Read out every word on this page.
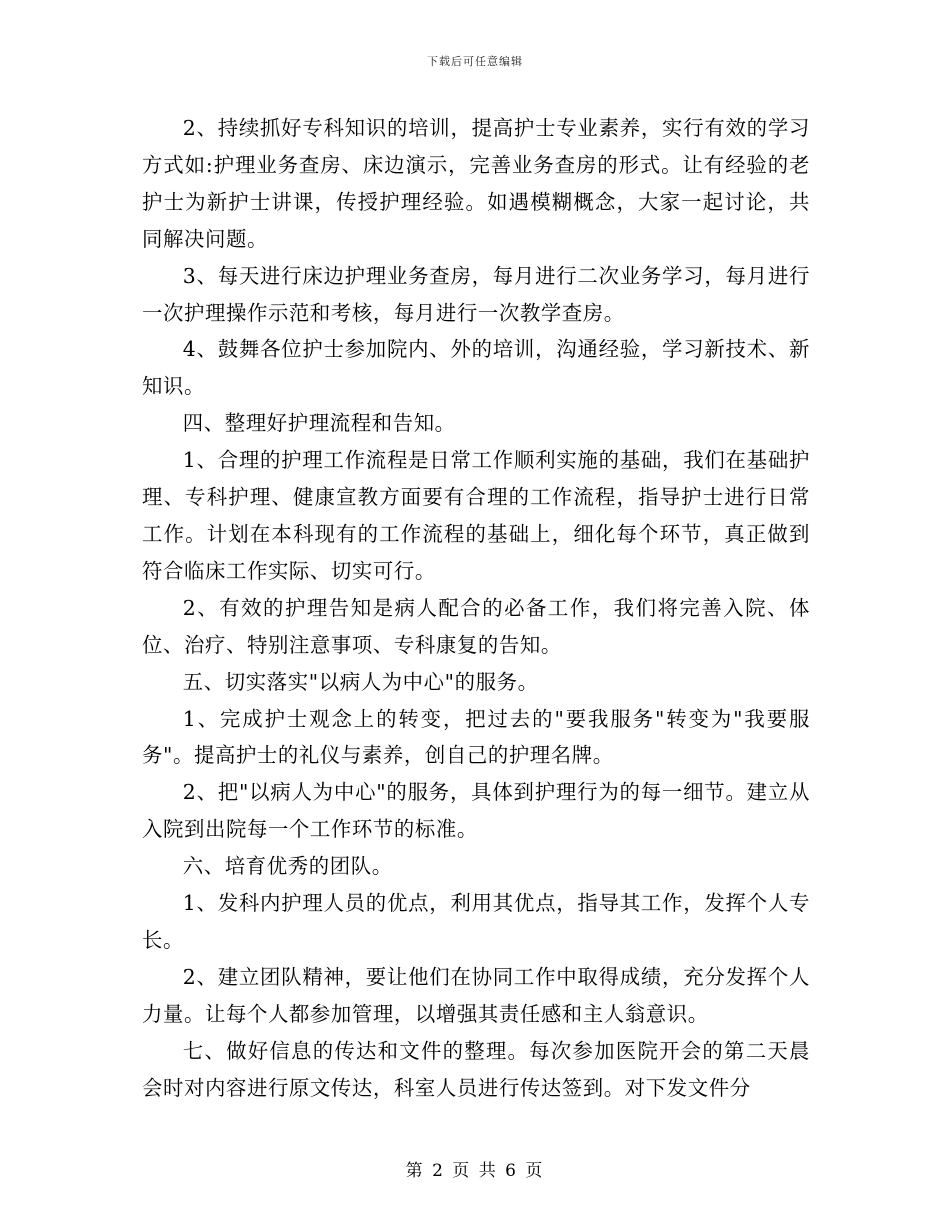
下载后可任意编辑

2、持续抓好专科知识的培训，提高护士专业素养，实行有效的学习方式如:护理业务查房、床边演示，完善业务查房的形式。让有经验的老护士为新护士讲课，传授护理经验。如遇模糊概念，大家一起讨论，共同解决问题。

3、每天进行床边护理业务查房，每月进行二次业务学习，每月进行一次护理操作示范和考核，每月进行一次教学查房。

4、鼓舞各位护士参加院内、外的培训，沟通经验，学习新技术、新知识。

四、整理好护理流程和告知。

1、合理的护理工作流程是日常工作顺利实施的基础，我们在基础护理、专科护理、健康宣教方面要有合理的工作流程，指导护士进行日常工作。计划在本科现有的工作流程的基础上，细化每个环节，真正做到符合临床工作实际、切实可行。

2、有效的护理告知是病人配合的必备工作，我们将完善入院、体位、治疗、特别注意事项、专科康复的告知。

五、切实落实"以病人为中心"的服务。

1、完成护士观念上的转变，把过去的"要我服务"转变为"我要服务"。提高护士的礼仪与素养，创自己的护理名牌。

2、把"以病人为中心"的服务，具体到护理行为的每一细节。建立从入院到出院每一个工作环节的标准。

六、培育优秀的团队。

1、发科内护理人员的优点，利用其优点，指导其工作，发挥个人专长。

2、建立团队精神，要让他们在协同工作中取得成绩，充分发挥个人力量。让每个人都参加管理，以增强其责任感和主人翁意识。

七、做好信息的传达和文件的整理。每次参加医院开会的第二天晨会时对内容进行原文传达，科室人员进行传达签到。对下发文件分

第 2 页 共 6 页
